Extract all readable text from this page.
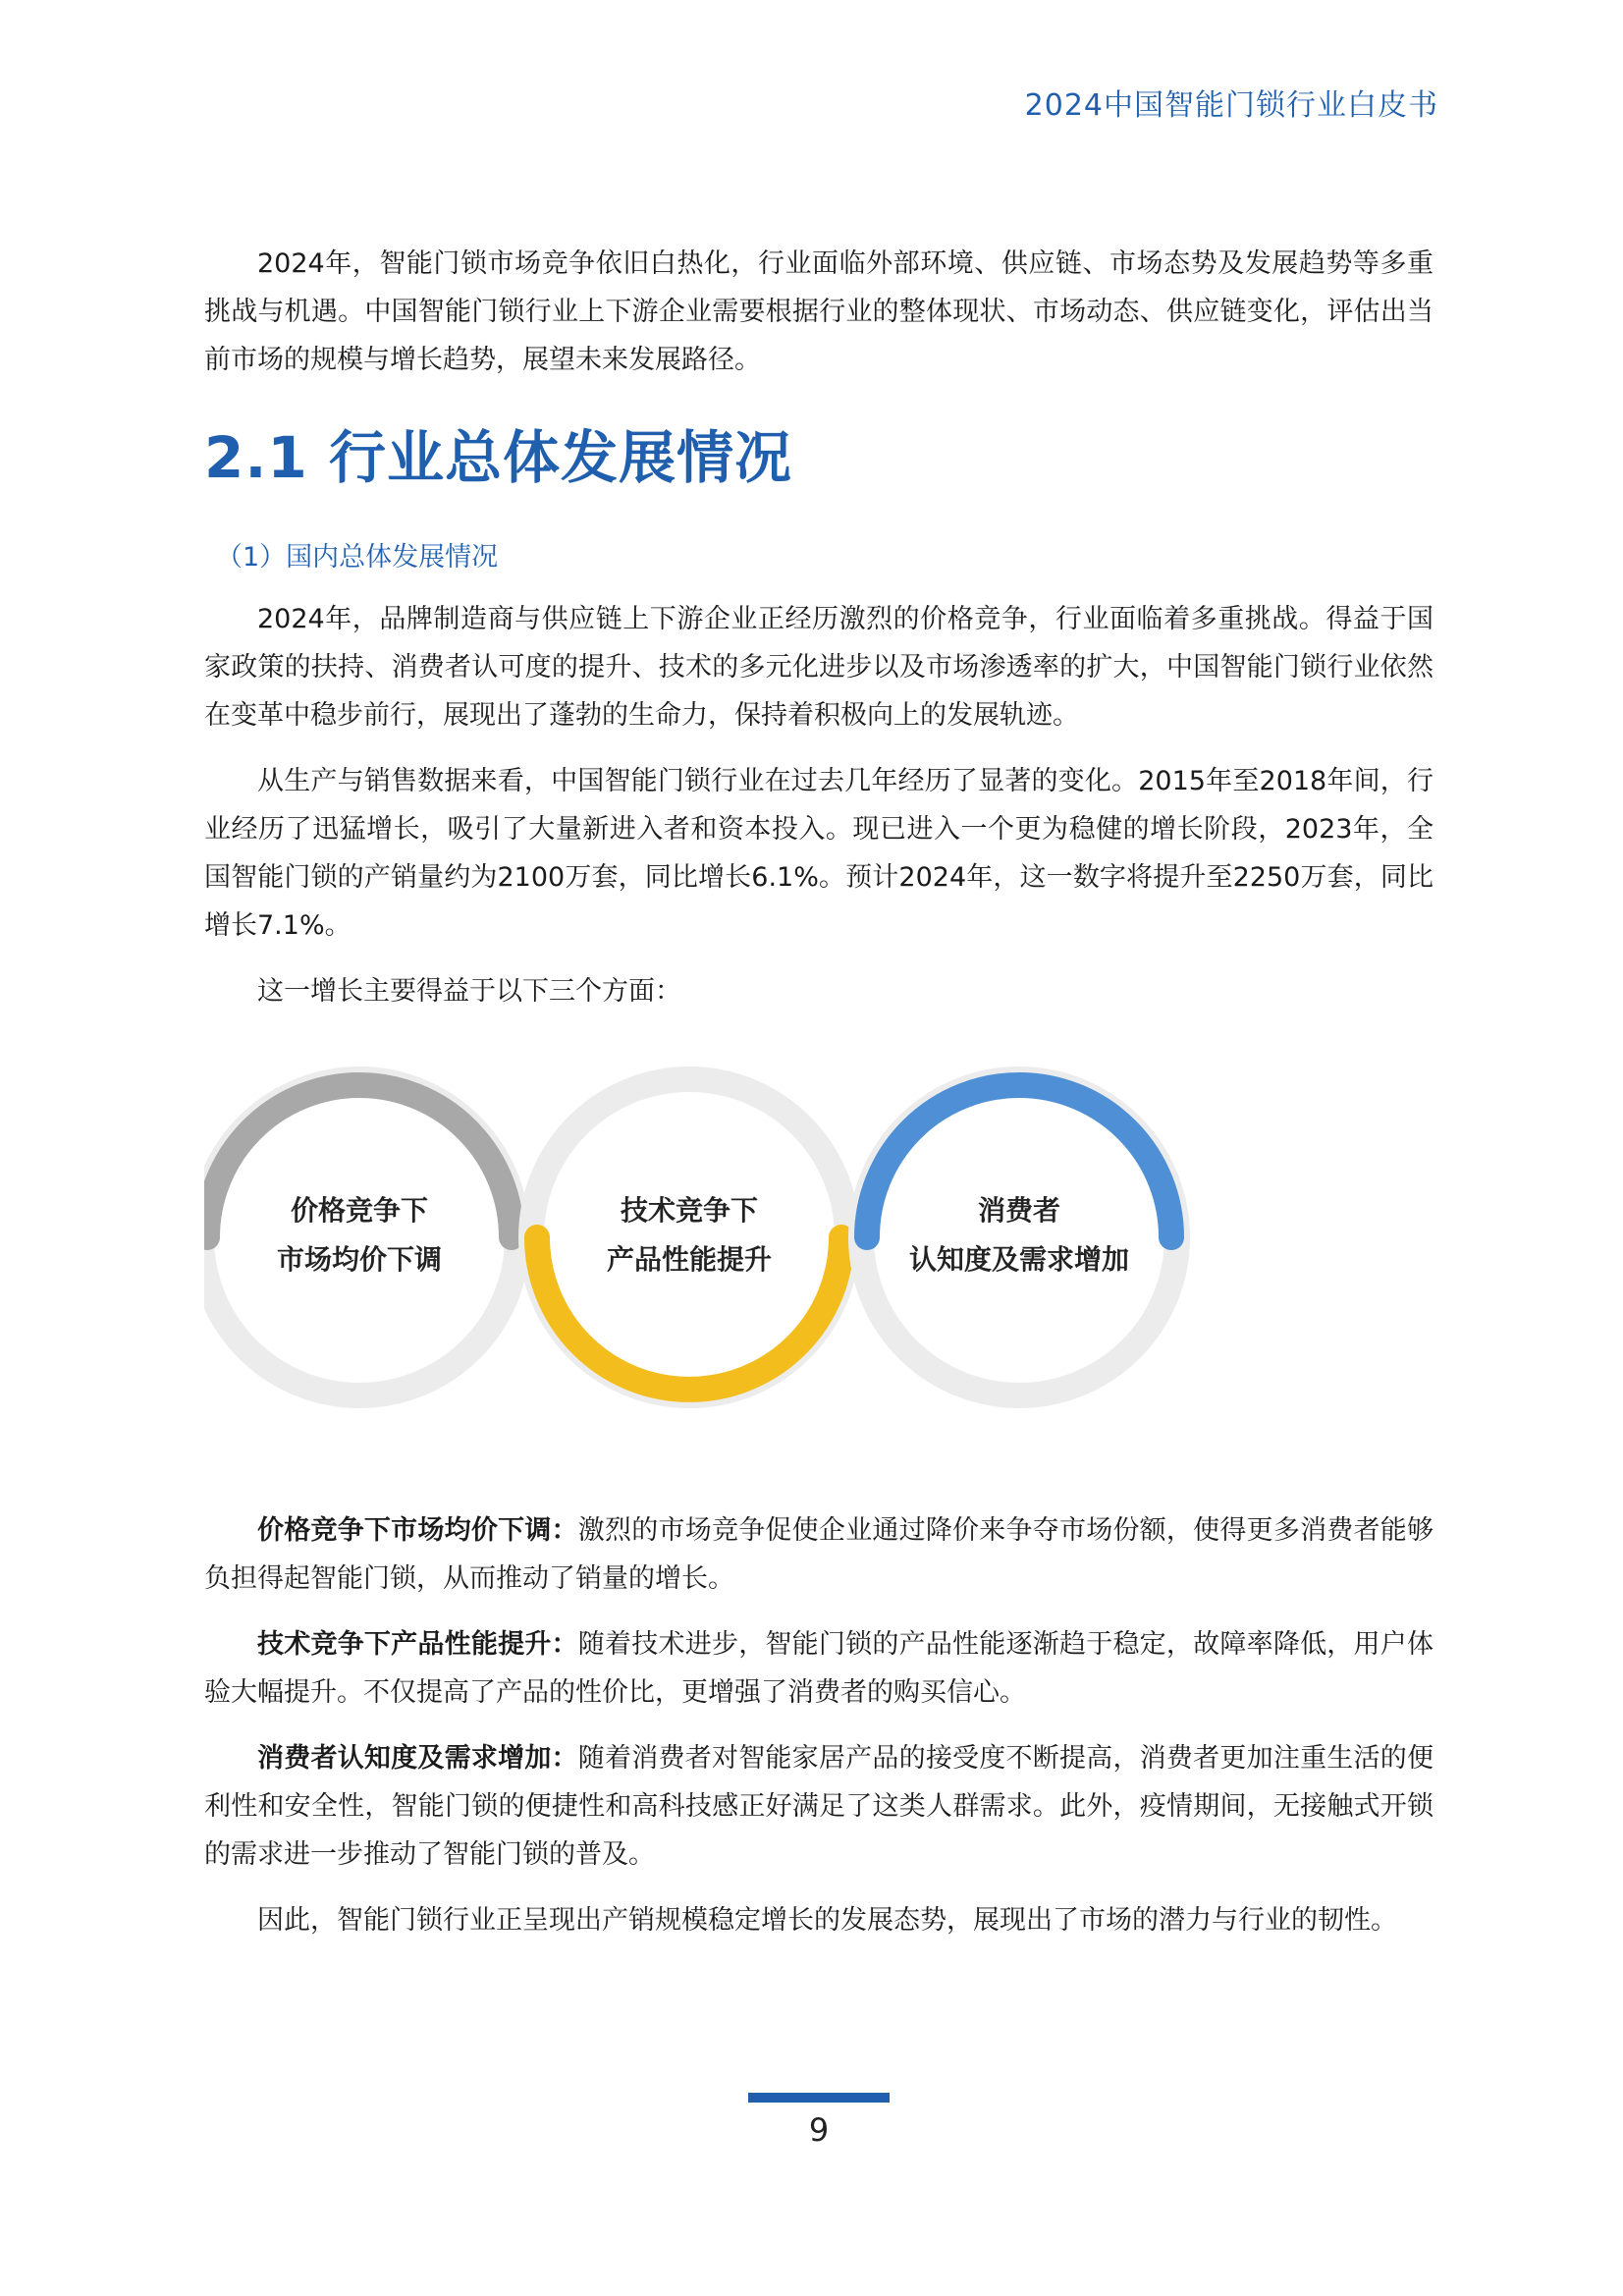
2024中国智能门锁行业白皮书

2024年，智能门锁市场竞争依旧白热化，行业面临外部环境、供应链、市场态势及发展趋势等多重挑战与机遇。中国智能门锁行业上下游企业需要根据行业的整体现状、市场动态、供应链变化，评估出当前市场的规模与增长趋势，展望未来发展路径。

2.1 行业总体发展情况
（1）国内总体发展情况

2024年，品牌制造商与供应链上下游企业正经历激烈的价格竞争，行业面临着多重挑战。得益于国家政策的扶持、消费者认可度的提升、技术的多元化进步以及市场渗透率的扩大，中国智能门锁行业依然在变革中稳步前行，展现出了蓬勃的生命力，保持着积极向上的发展轨迹。

从生产与销售数据来看，中国智能门锁行业在过去几年经历了显著的变化。2015年至2018年间，行业经历了迅猛增长，吸引了大量新进入者和资本投入。现已进入一个更为稳健的增长阶段，2023年，全国智能门锁的产销量约为2100万套，同比增长6.1%。预计2024年，这一数字将提升至2250万套，同比增长7.1%。

这一增长主要得益于以下三个方面：

价格竞争下
市场均价下调
技术竞争下
产品性能提升
消费者
认知度及需求增加

价格竞争下市场均价下调：激烈的市场竞争促使企业通过降价来争夺市场份额，使得更多消费者能够负担得起智能门锁，从而推动了销量的增长。

技术竞争下产品性能提升：随着技术进步，智能门锁的产品性能逐渐趋于稳定，故障率降低，用户体验大幅提升。不仅提高了产品的性价比，更增强了消费者的购买信心。

消费者认知度及需求增加：随着消费者对智能家居产品的接受度不断提高，消费者更加注重生活的便利性和安全性，智能门锁的便捷性和高科技感正好满足了这类人群需求。此外，疫情期间，无接触式开锁的需求进一步推动了智能门锁的普及。

因此，智能门锁行业正呈现出产销规模稳定增长的发展态势，展现出了市场的潜力与行业的韧性。

9
